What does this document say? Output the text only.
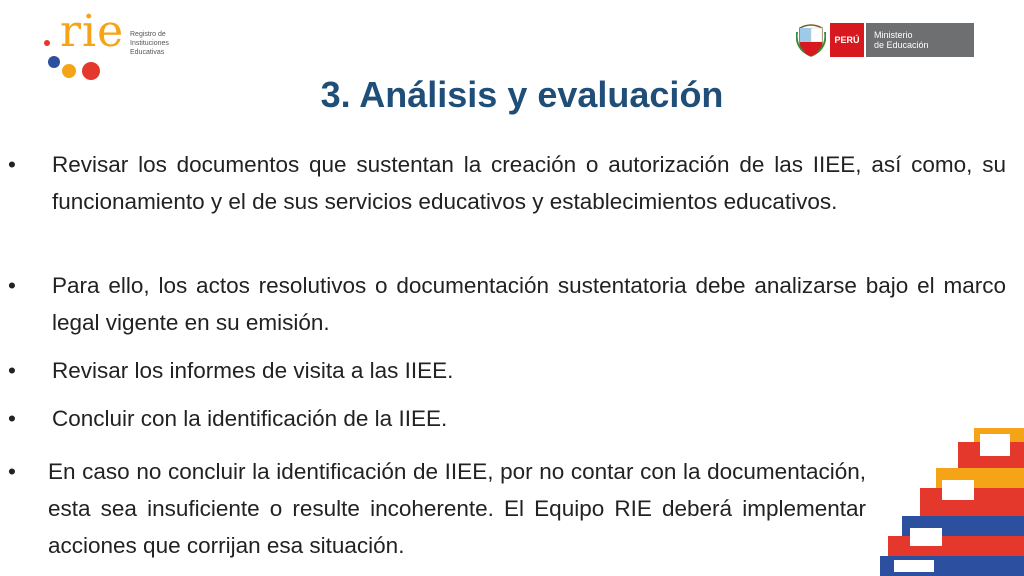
rie Registro de
Instituciones
Educativas
PERÚ	Ministerio
de Educación
3. Análisis y evaluación
• Revisar los documentos que sustentan la creación o autorización de las IIEE, así como, su funcionamiento y el de sus servicios educativos y establecimientos educativos.
• Para ello, los actos resolutivos o documentación sustentatoria debe analizarse bajo el marco legal vigente en su emisión.
• Revisar los informes de visita a las IIEE.
• Concluir con la identificación de la IIEE.
• En caso no concluir la identificación de IIEE, por no contar con la documentación, esta sea insuficiente o resulte incoherente. El Equipo RIE deberá implementar acciones que corrijan esa situación.
